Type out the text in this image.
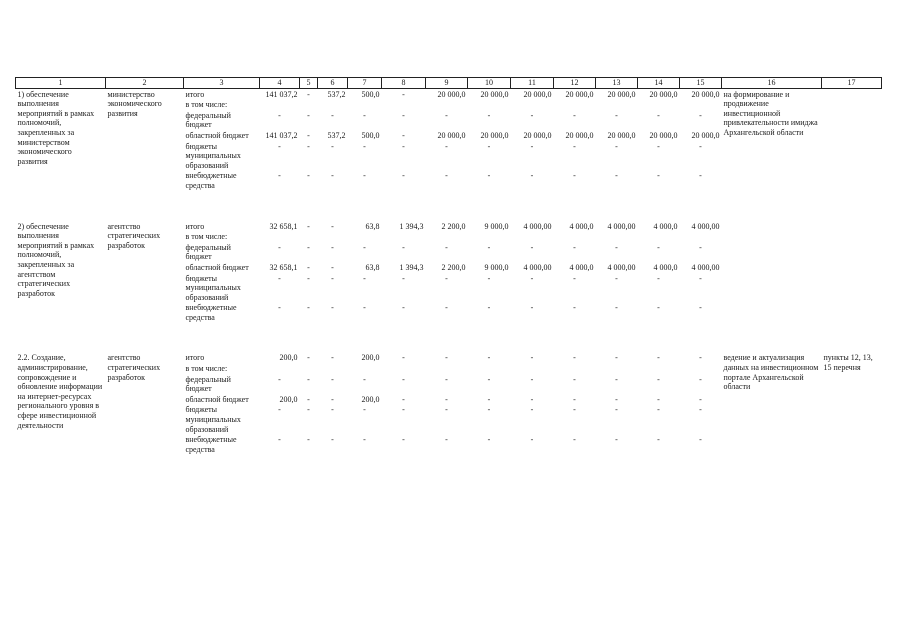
1	2	3	4	5	6	7	8	9	10	11	12	13	14	15	16	17
1) обеспечение выполнения мероприятий в рамках полномочий, закрепленных за министерством экономического развития	министерство экономического развития	итого	141 037,2	-	537,2	500,0	-	20 000,0	20 000,0	20 000,0	20 000,0	20 000,0	20 000,0	20 000,0	на формирование и продвижение инвестиционной привлекательности имиджа Архангельской области	
		в том числе:														
		федеральный бюджет	-	-	-	-	-	-	-	-	-	-	-	-		
		областной бюджет	141 037,2	-	537,2	500,0	-	20 000,0	20 000,0	20 000,0	20 000,0	20 000,0	20 000,0	20 000,0		
		бюджеты муниципальных образований	-	-	-	-	-	-	-	-	-	-	-	-		
		внебюджетные средства	-	-	-	-	-	-	-	-	-	-	-	-		

2) обеспечение выполнения мероприятий в рамках полномочий, закрепленных за агентством стратегических разработок	агентство стратегических разработок	итого	32 658,1	-	-	63,8	1 394,3	2 200,0	9 000,0	4 000,00	4 000,0	4 000,00	4 000,0	4 000,00		
		в том числе:														
		федеральный бюджет	-	-	-	-	-	-	-	-	-	-	-	-		
		областной бюджет	32 658,1	-	-	63,8	1 394,3	2 200,0	9 000,0	4 000,00	4 000,0	4 000,00	4 000,0	4 000,00		
		бюджеты муниципальных образований	-	-	-	-	-	-	-	-	-	-	-	-		
		внебюджетные средства	-	-	-	-	-	-	-	-	-	-	-	-		

2.2. Создание, администрирование, сопровождение и обновление информации на интернет-ресурсах регионального уровня в сфере инвестиционной деятельности	агентство стратегических разработок	итого	200,0	-	-	200,0	-	-	-	-	-	-	-	-	ведение и актуализация данных на инвестиционном портале Архангельской области	пункты 12, 13, 15 перечня
		в том числе:														
		федеральный бюджет	-	-	-	-	-	-	-	-	-	-	-	-		
		областной бюджет	200,0	-	-	200,0	-	-	-	-	-	-	-	-		
		бюджеты муниципальных образований	-	-	-	-	-	-	-	-	-	-	-	-		
		внебюджетные средства	-	-	-	-	-	-	-	-	-	-	-	-		
